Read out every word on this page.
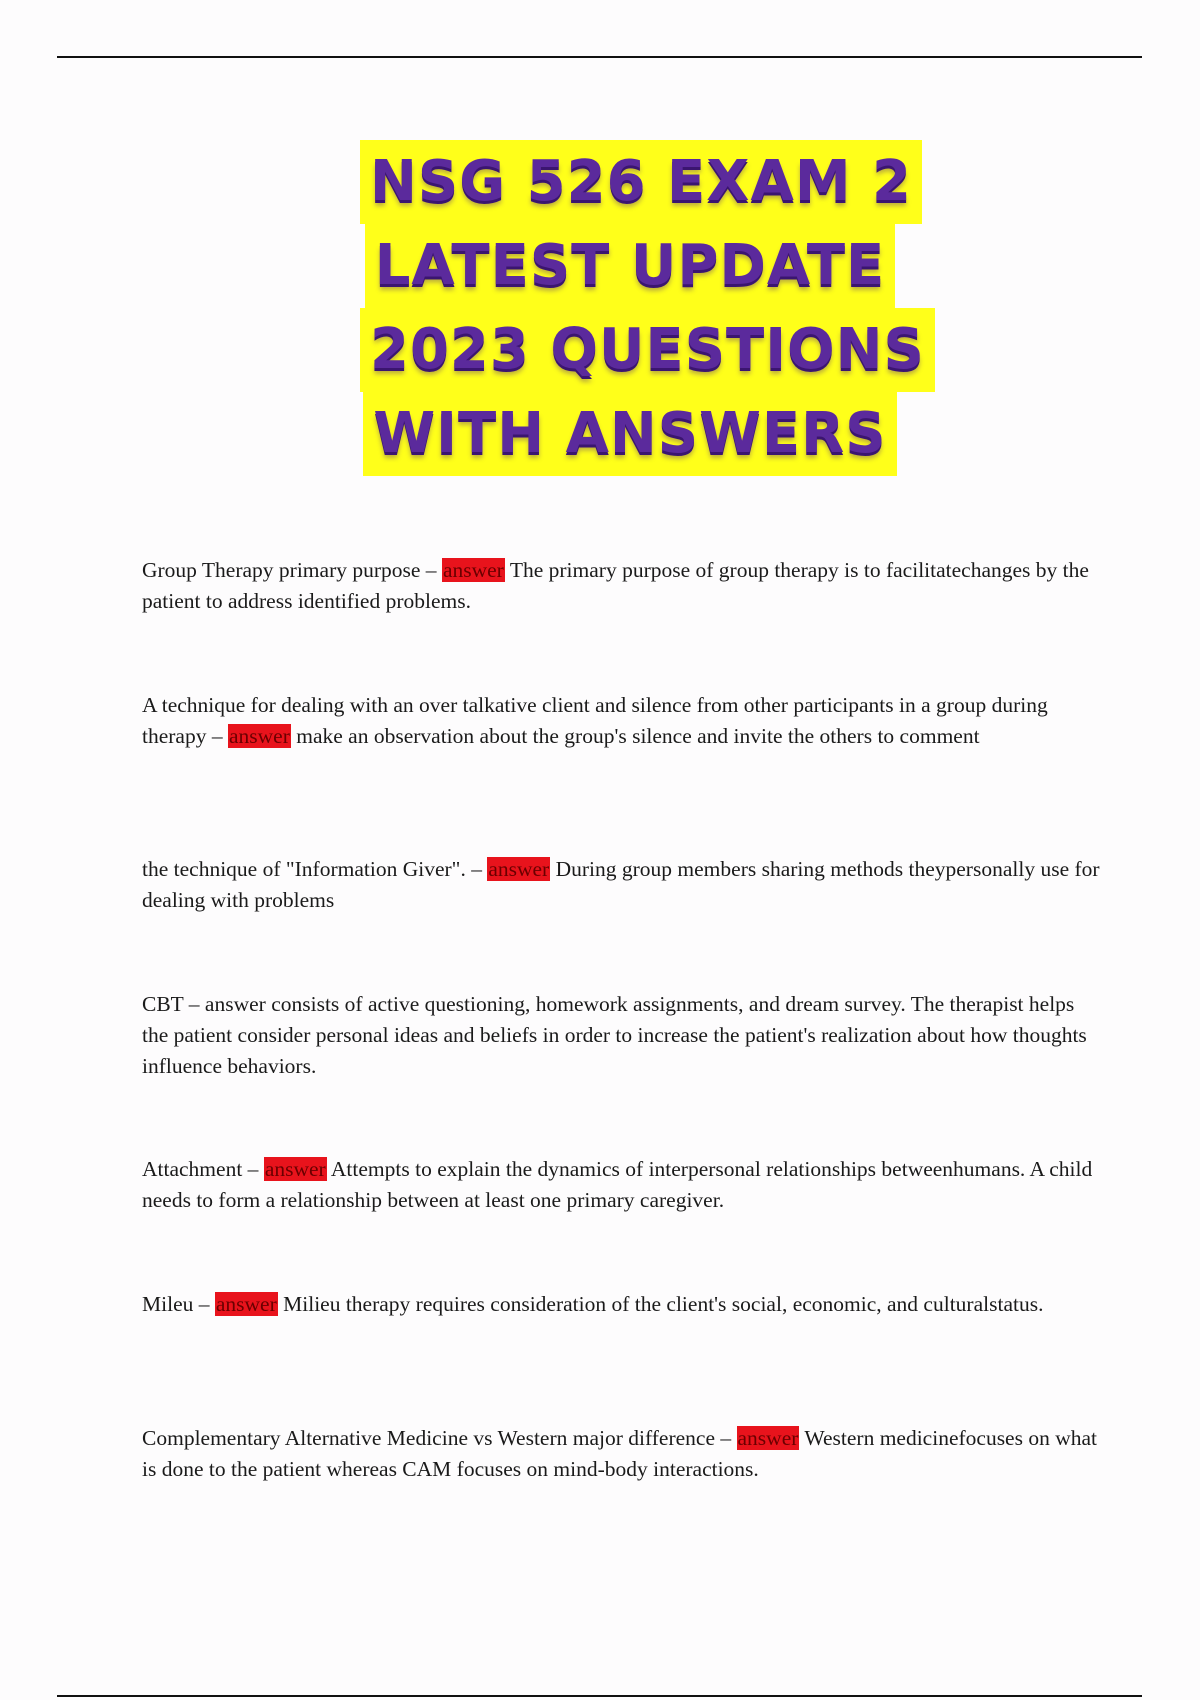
NSG 526 EXAM 2
LATEST UPDATE
2023 QUESTIONS
WITH ANSWERS
Group Therapy primary purpose – answer The primary purpose of group therapy is to facilitatechanges by the patient to address identified problems.
A technique for dealing with an over talkative client and silence from other participants in a group during therapy – answer make an observation about the group's silence and invite the others to comment
the technique of "Information Giver". – answer During group members sharing methods theypersonally use for dealing with problems
CBT – answer consists of active questioning, homework assignments, and dream survey. The therapist helps the patient consider personal ideas and beliefs in order to increase the patient's realization about how thoughts influence behaviors.
Attachment – answer Attempts to explain the dynamics of interpersonal relationships betweenhumans. A child needs to form a relationship between at least one primary caregiver.
Mileu – answer Milieu therapy requires consideration of the client's social, economic, and culturalstatus.
Complementary Alternative Medicine vs Western major difference – answer Western medicinefocuses on what is done to the patient whereas CAM focuses on mind-body interactions.
